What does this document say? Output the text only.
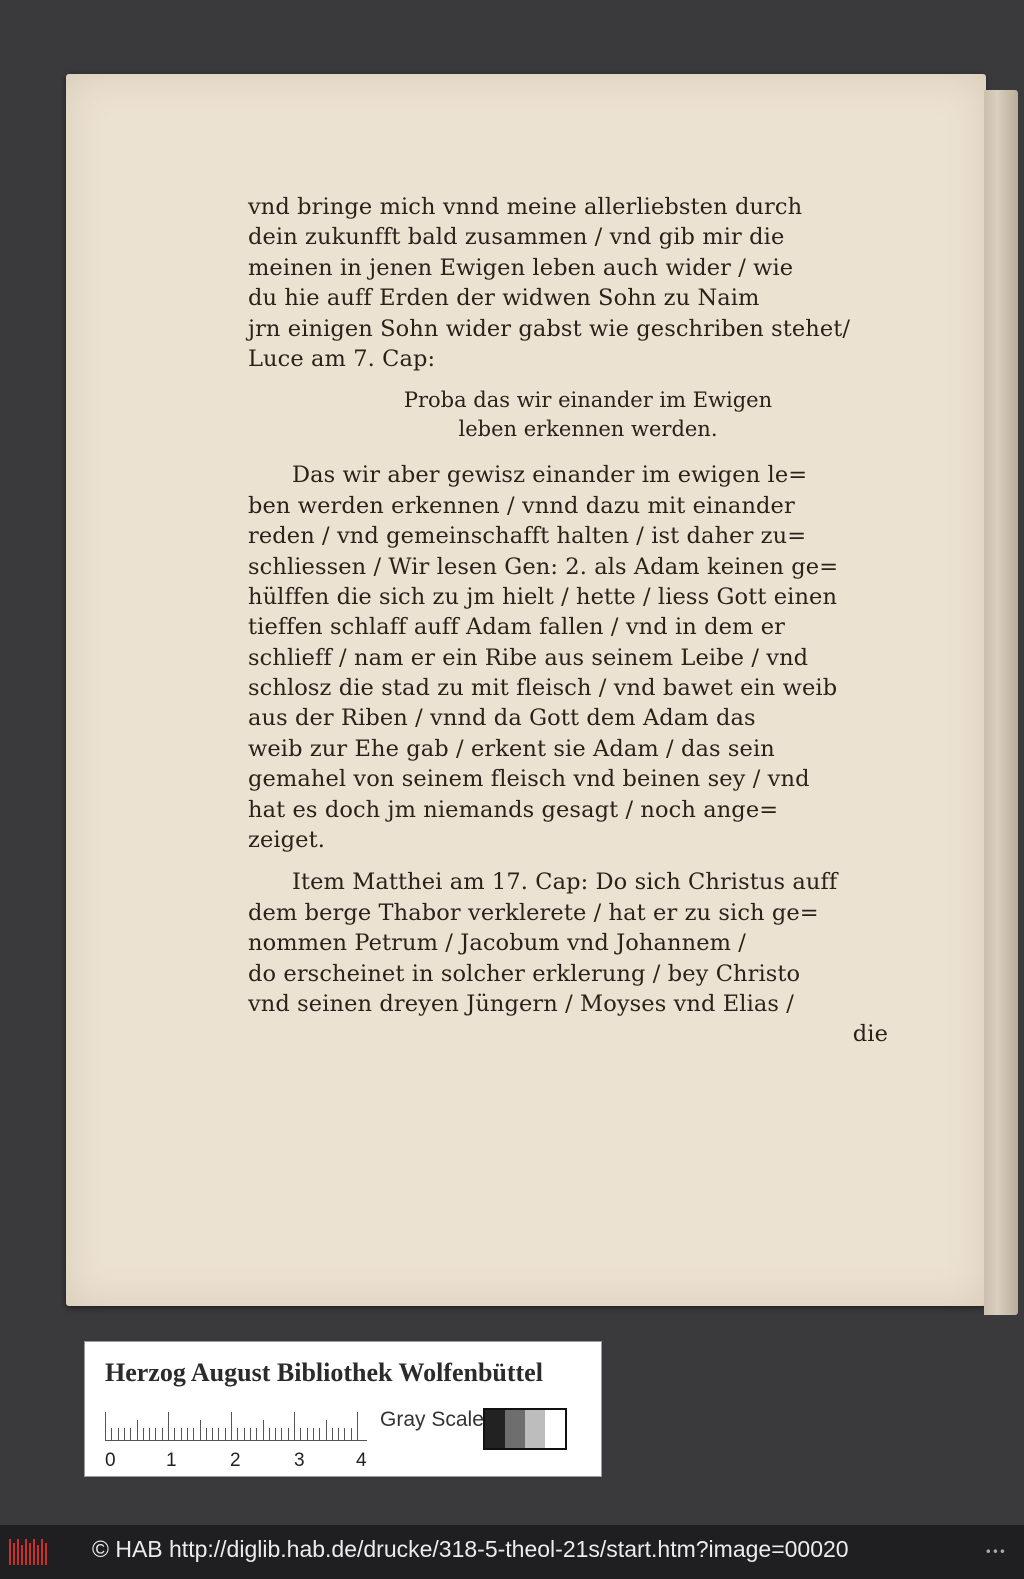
vnd bringe mich vnnd meine allerliebsten durch
dein zukunfft bald zusammen / vnd gib mir die
meinen in jenen Ewigen leben auch wider / wie
du hie auff Erden der widwen Sohn zu Naim
jrn einigen Sohn wider gabst wie geschriben stehet/
Luce am 7. Cap:
Proba das wir einander im Ewigen
leben erkennen werden.
Das wir aber gewisz einander im ewigen le=
ben werden erkennen / vnnd dazu mit einander
reden / vnd gemeinschafft halten / ist daher zu=
schliessen / Wir lesen Gen: 2. als Adam keinen ge=
hülffen die sich zu jm hielt / hette / liess Gott einen
tieffen schlaff auff Adam fallen / vnd in dem er
schlieff / nam er ein Ribe aus seinem Leibe / vnd
schlosz die stad zu mit fleisch / vnd bawet ein weib
aus der Riben / vnnd da Gott dem Adam das
weib zur Ehe gab / erkent sie Adam / das sein
gemahel von seinem fleisch vnd beinen sey / vnd
hat es doch jm niemands gesagt / noch ange=
zeiget.
Item Matthei am 17. Cap: Do sich Christus auff
dem berge Thabor verklerete / hat er zu sich ge=
nommen Petrum / Jacobum vnd Johannem /
do erscheinet in solcher erklerung / bey Christo
vnd seinen dreyen Jüngern / Moyses vnd Elias /
die
Herzog August Bibliothek Wolfenbüttel
0	1	2	3	4
Gray Scale
© HAB http://diglib.hab.de/drucke/318-5-theol-21s/start.htm?image=00020	•••
